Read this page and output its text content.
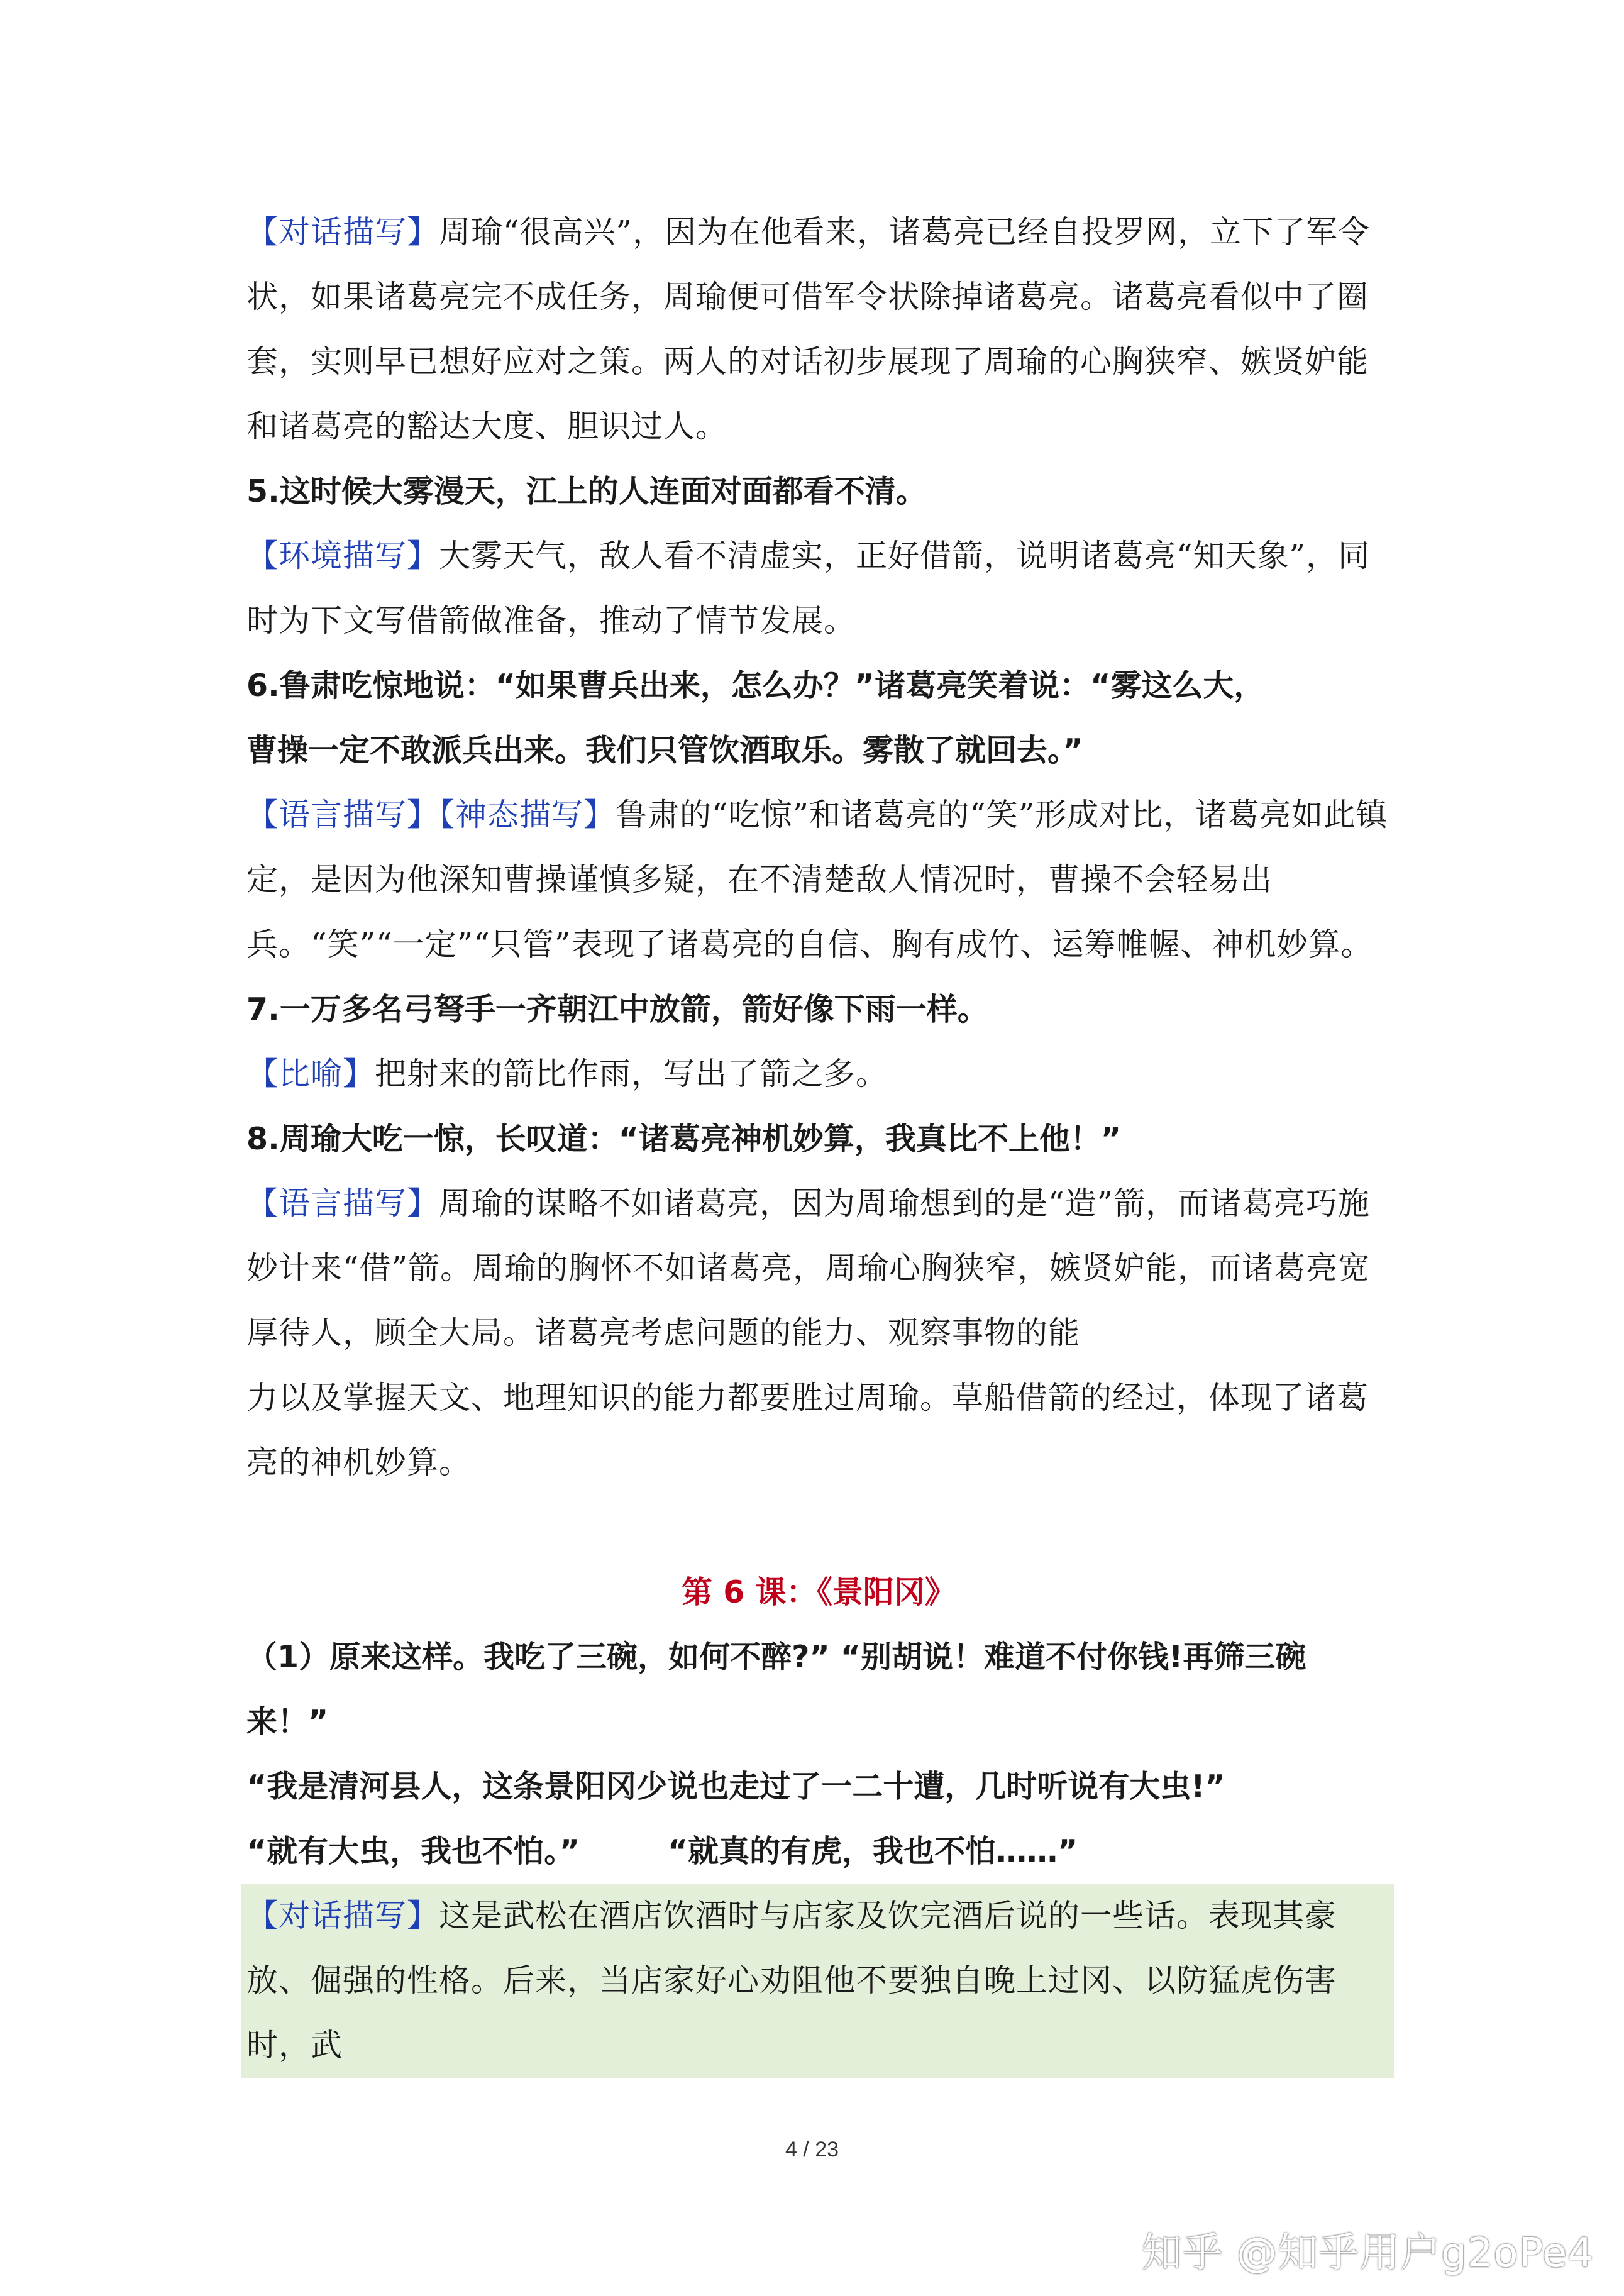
【对话描写】周瑜“很高兴”，因为在他看来，诸葛亮已经自投罗网，立下了军令状，如果诸葛亮完不成任务，周瑜便可借军令状除掉诸葛亮。诸葛亮看似中了圈套，实则早已想好应对之策。两人的对话初步展现了周瑜的心胸狭窄、嫉贤妒能和诸葛亮的豁达大度、胆识过人。

5.这时候大雾漫天，江上的人连面对面都看不清。

【环境描写】大雾天气，敌人看不清虚实，正好借箭，说明诸葛亮“知天象”，同时为下文写借箭做准备，推动了情节发展。

6.鲁肃吃惊地说：“如果曹兵出来，怎么办？”诸葛亮笑着说：“雾这么大，

曹操一定不敢派兵出来。我们只管饮酒取乐。雾散了就回去。”

【语言描写】【神态描写】鲁肃的“吃惊”和诸葛亮的“笑”形成对比，诸葛亮如此镇定，是因为他深知曹操谨慎多疑，在不清楚敌人情况时，曹操不会轻易出兵。“笑”“一定”“只管”表现了诸葛亮的自信、胸有成竹、运筹帷幄、神机妙算。

7.一万多名弓弩手一齐朝江中放箭，箭好像下雨一样。

【比喻】把射来的箭比作雨，写出了箭之多。

8.周瑜大吃一惊，长叹道：“诸葛亮神机妙算，我真比不上他！”

【语言描写】周瑜的谋略不如诸葛亮，因为周瑜想到的是“造”箭，而诸葛亮巧施妙计来“借”箭。周瑜的胸怀不如诸葛亮，周瑜心胸狭窄，嫉贤妒能，而诸葛亮宽厚待人，顾全大局。诸葛亮考虑问题的能力、观察事物的能

力以及掌握天文、地理知识的能力都要胜过周瑜。草船借箭的经过，体现了诸葛亮的神机妙算。

第 6 课：《景阳冈》

（1）原来这样。我吃了三碗，如何不醉?” “别胡说！难道不付你钱!再筛三碗

来！”

“我是清河县人，这条景阳冈少说也走过了一二十遭，几时听说有大虫!”

“就有大虫，我也不怕。”	“就真的有虎，我也不怕……”

【对话描写】这是武松在酒店饮酒时与店家及饮完酒后说的一些话。表现其豪放、倔强的性格。后来，当店家好心劝阻他不要独自晚上过冈、以防猛虎伤害时，武

4 / 23
知乎 @知乎用户g2oPe4
